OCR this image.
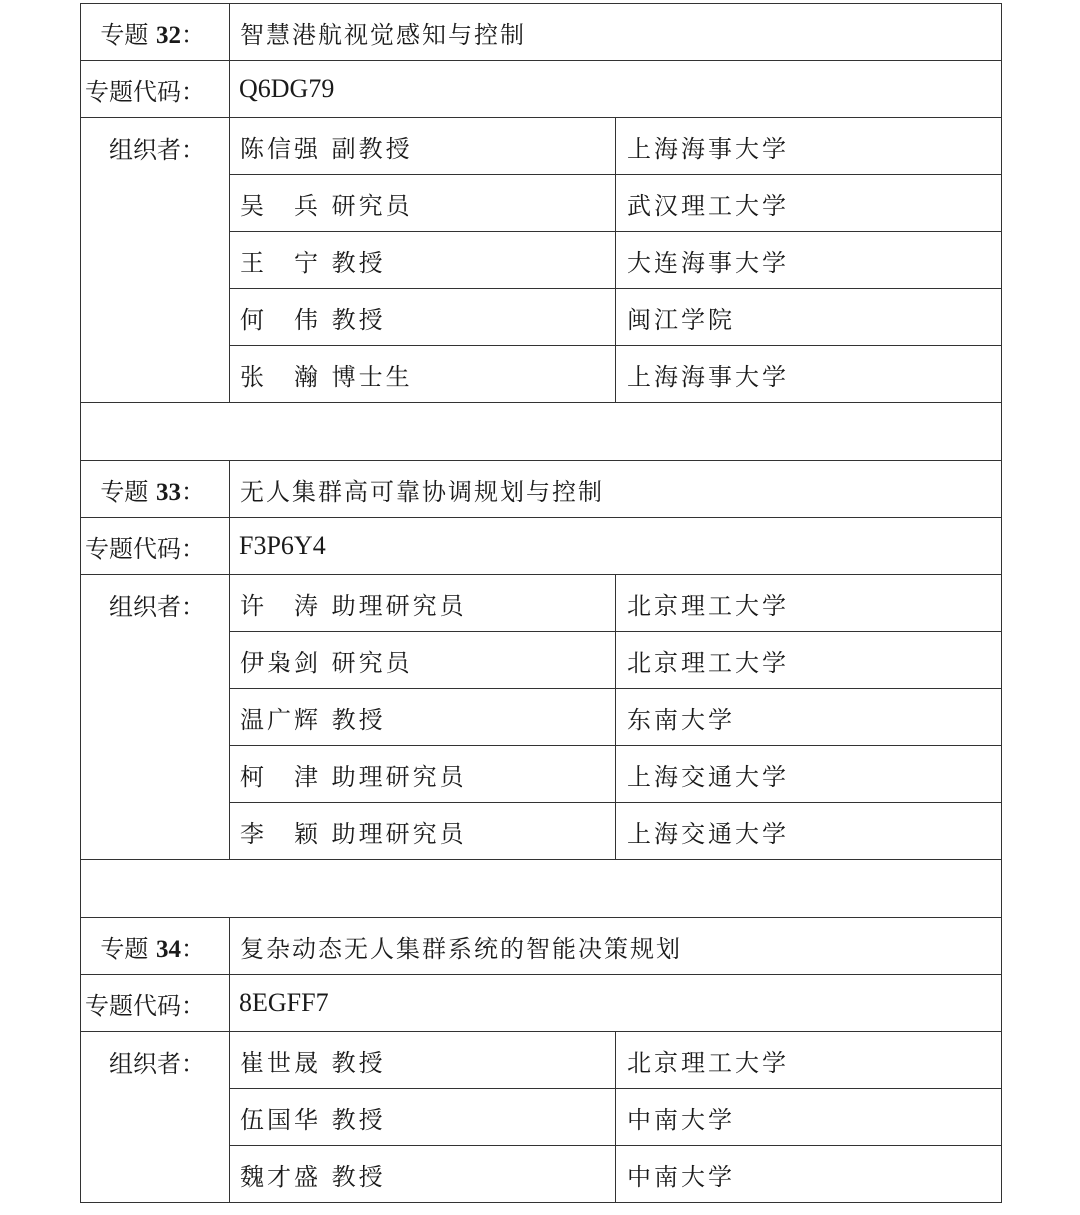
专题 32：	智慧港航视觉感知与控制	
专题代码：	Q6DG79	
组织者：	陈信强 副教授	上海海事大学
	吴　兵 研究员	武汉理工大学
	王　宁 教授	大连海事大学
	何　伟 教授	闽江学院
	张　瀚 博士生	上海海事大学

专题 33：	无人集群高可靠协调规划与控制	
专题代码：	F3P6Y4	
组织者：	许　涛 助理研究员	北京理工大学
	伊枭剑 研究员	北京理工大学
	温广辉 教授	东南大学
	柯　津 助理研究员	上海交通大学
	李　颖 助理研究员	上海交通大学

专题 34：	复杂动态无人集群系统的智能决策规划	
专题代码：	8EGFF7	
组织者：	崔世晟 教授	北京理工大学
	伍国华 教授	中南大学
	魏才盛 教授	中南大学
